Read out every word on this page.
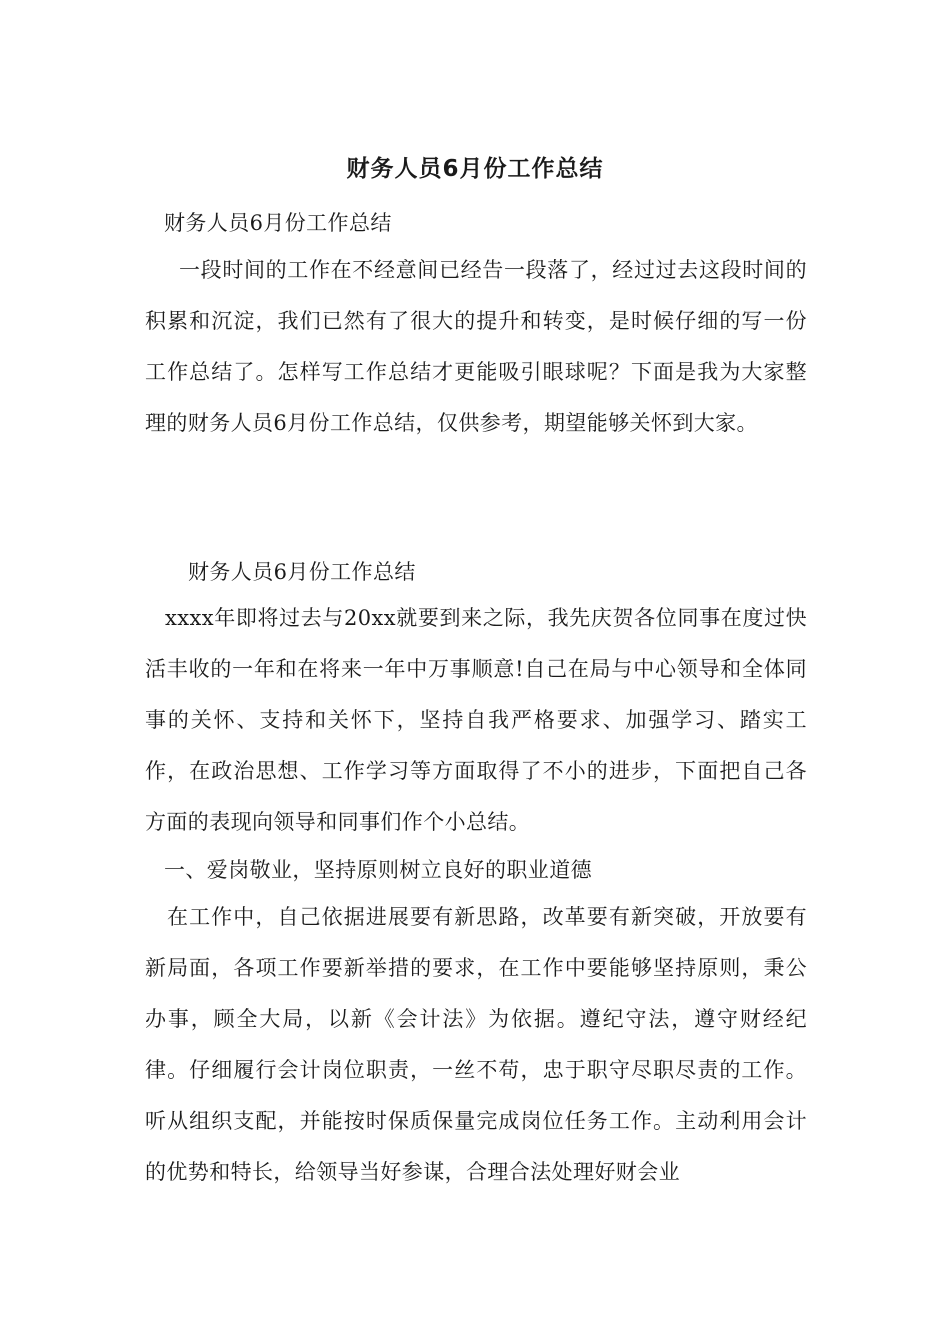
财务人员6月份工作总结

财务人员6月份工作总结

一段时间的工作在不经意间已经告一段落了，经过过去这段时间的积累和沉淀，我们已然有了很大的提升和转变，是时候仔细的写一份工作总结了。怎样写工作总结才更能吸引眼球呢？下面是我为大家整理的财务人员6月份工作总结，仅供参考，期望能够关怀到大家。

财务人员6月份工作总结

xxxx年即将过去与20xx就要到来之际，我先庆贺各位同事在度过快活丰收的一年和在将来一年中万事顺意!自己在局与中心领导和全体同事的关怀、支持和关怀下，坚持自我严格要求、加强学习、踏实工作，在政治思想、工作学习等方面取得了不小的进步，下面把自己各方面的表现向领导和同事们作个小总结。

一、爱岗敬业，坚持原则树立良好的职业道德

在工作中，自己依据进展要有新思路，改革要有新突破，开放要有新局面，各项工作要新举措的要求，在工作中要能够坚持原则，秉公办事，顾全大局，以新《会计法》为依据。遵纪守法，遵守财经纪律。仔细履行会计岗位职责，一丝不苟，忠于职守尽职尽责的工作。听从组织支配，并能按时保质保量完成岗位任务工作。主动利用会计的优势和特长，给领导当好参谋，合理合法处理好财会业
